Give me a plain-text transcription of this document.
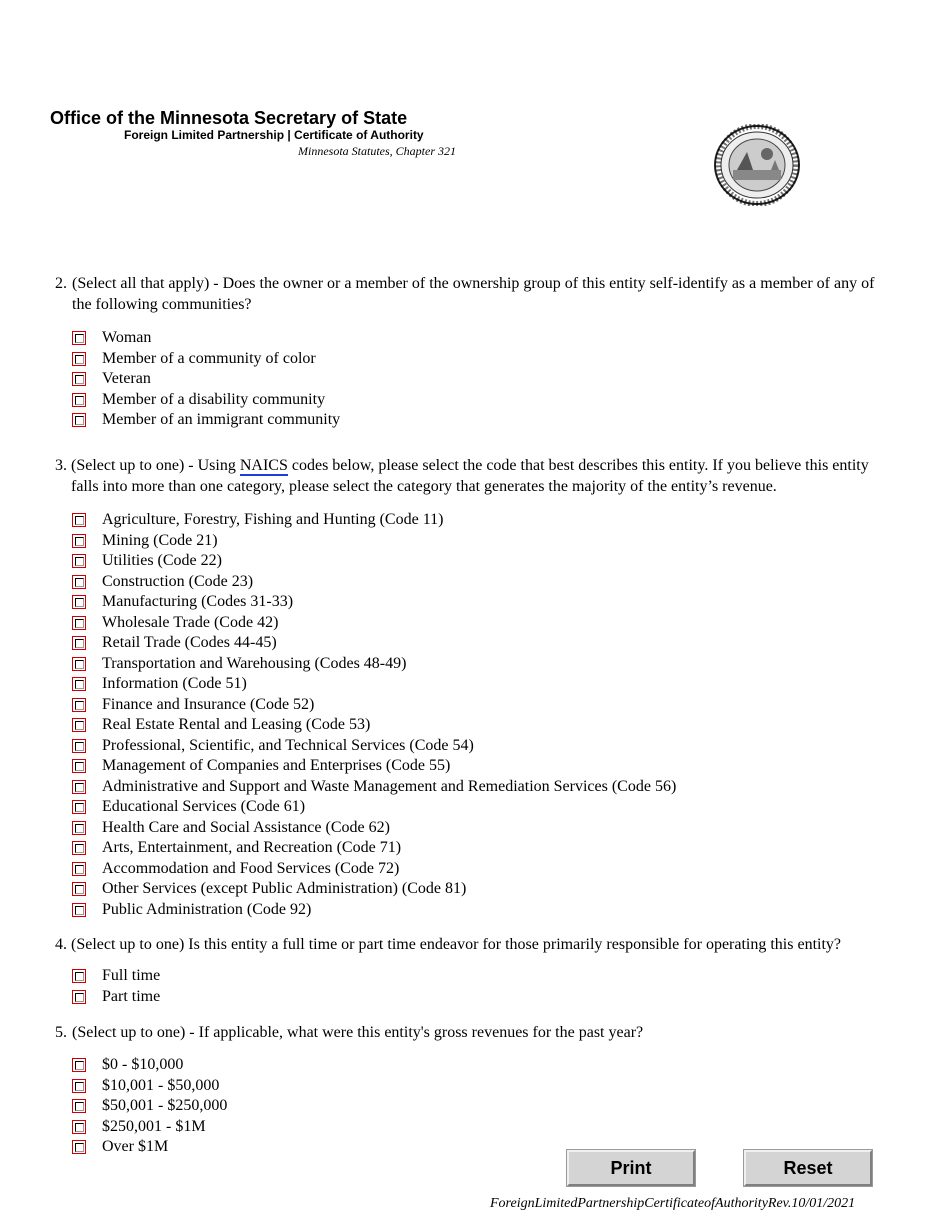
Office of the Minnesota Secretary of State
Foreign Limited Partnership | Certificate of Authority
Minnesota Statutes, Chapter 321
2. (Select all that apply) - Does the owner or a member of the ownership group of this entity self-identify as a member of any of the following communities?
Woman
Member of a community of color
Veteran
Member of a disability community
Member of an immigrant community
3. (Select up to one) - Using NAICS codes below, please select the code that best describes this entity. If you believe this entity falls into more than one category, please select the category that generates the majority of the entity’s revenue.
Agriculture, Forestry, Fishing and Hunting (Code 11)
Mining (Code 21)
Utilities (Code 22)
Construction (Code 23)
Manufacturing (Codes 31-33)
Wholesale Trade (Code 42)
Retail Trade (Codes 44-45)
Transportation and Warehousing (Codes 48-49)
Information (Code 51)
Finance and Insurance (Code 52)
Real Estate Rental and Leasing (Code 53)
Professional, Scientific, and Technical Services (Code 54)
Management of Companies and Enterprises (Code 55)
Administrative and Support and Waste Management and Remediation Services (Code 56)
Educational Services (Code 61)
Health Care and Social Assistance (Code 62)
Arts, Entertainment, and Recreation (Code 71)
Accommodation and Food Services (Code 72)
Other Services (except Public Administration) (Code 81)
Public Administration (Code 92)
4. (Select up to one) Is this entity a full time or part time endeavor for those primarily responsible for operating this entity?
Full time
Part time
5. (Select up to one) - If applicable, what were this entity's gross revenues for the past year?
$0 - $10,000
$10,001 - $50,000
$50,001 - $250,000
$250,001 - $1M
Over $1M
Print	Reset
ForeignLimitedPartnershipCertificateofAuthorityRev.10/01/2021
